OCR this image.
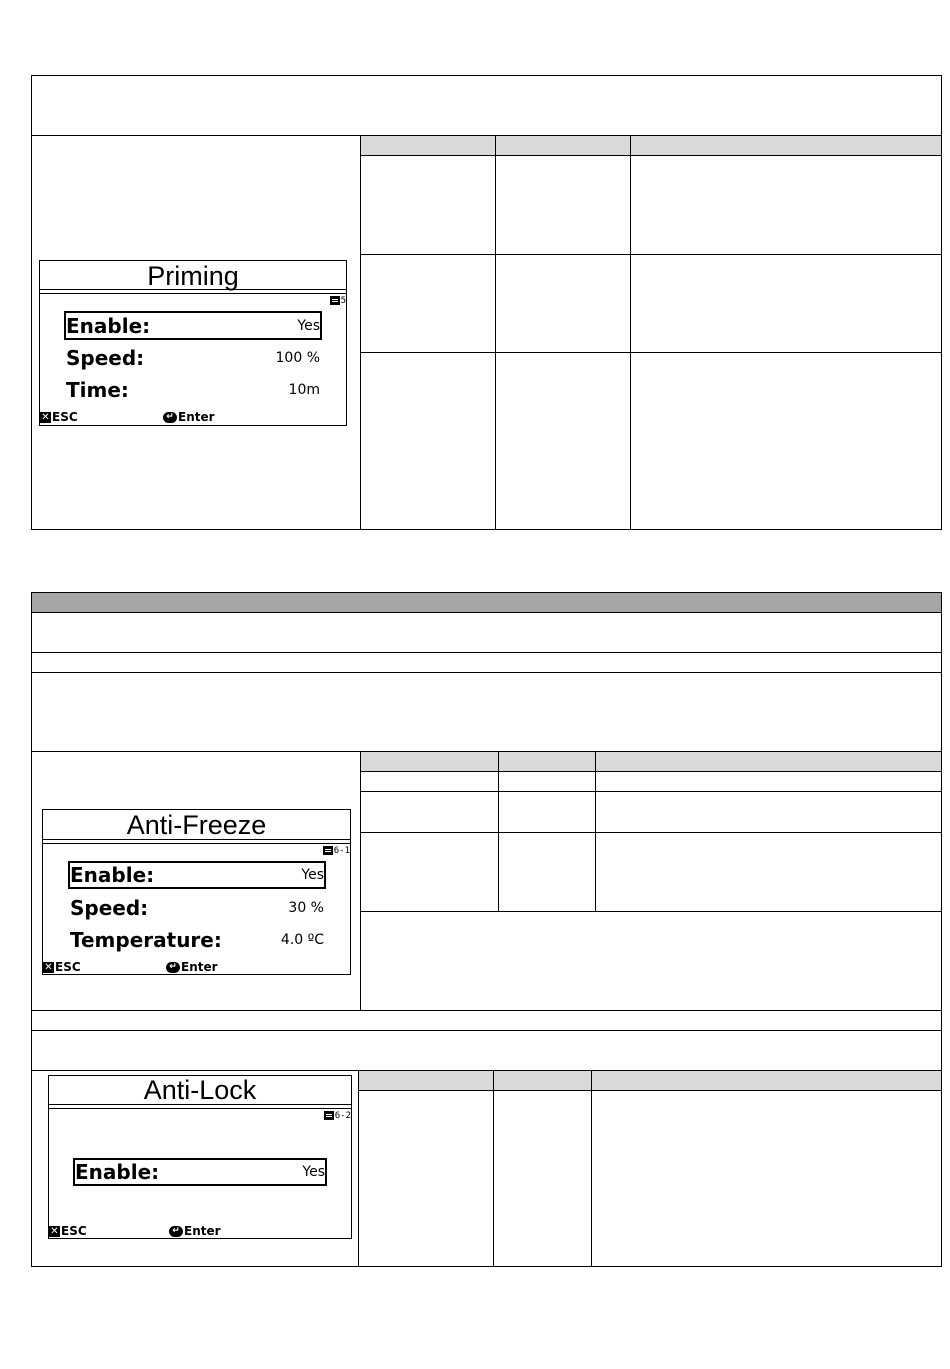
Priming
5
Enable:	Yes
Speed:	100 %
Time:	10m
✕ ESC	↵ Enter
Anti-Freeze
6-1
Enable:	Yes
Speed:	30 %
Temperature:	4.0 ºC
✕ ESC	↵ Enter
Anti-Lock
6-2
Enable:	Yes
✕ ESC	↵ Enter
